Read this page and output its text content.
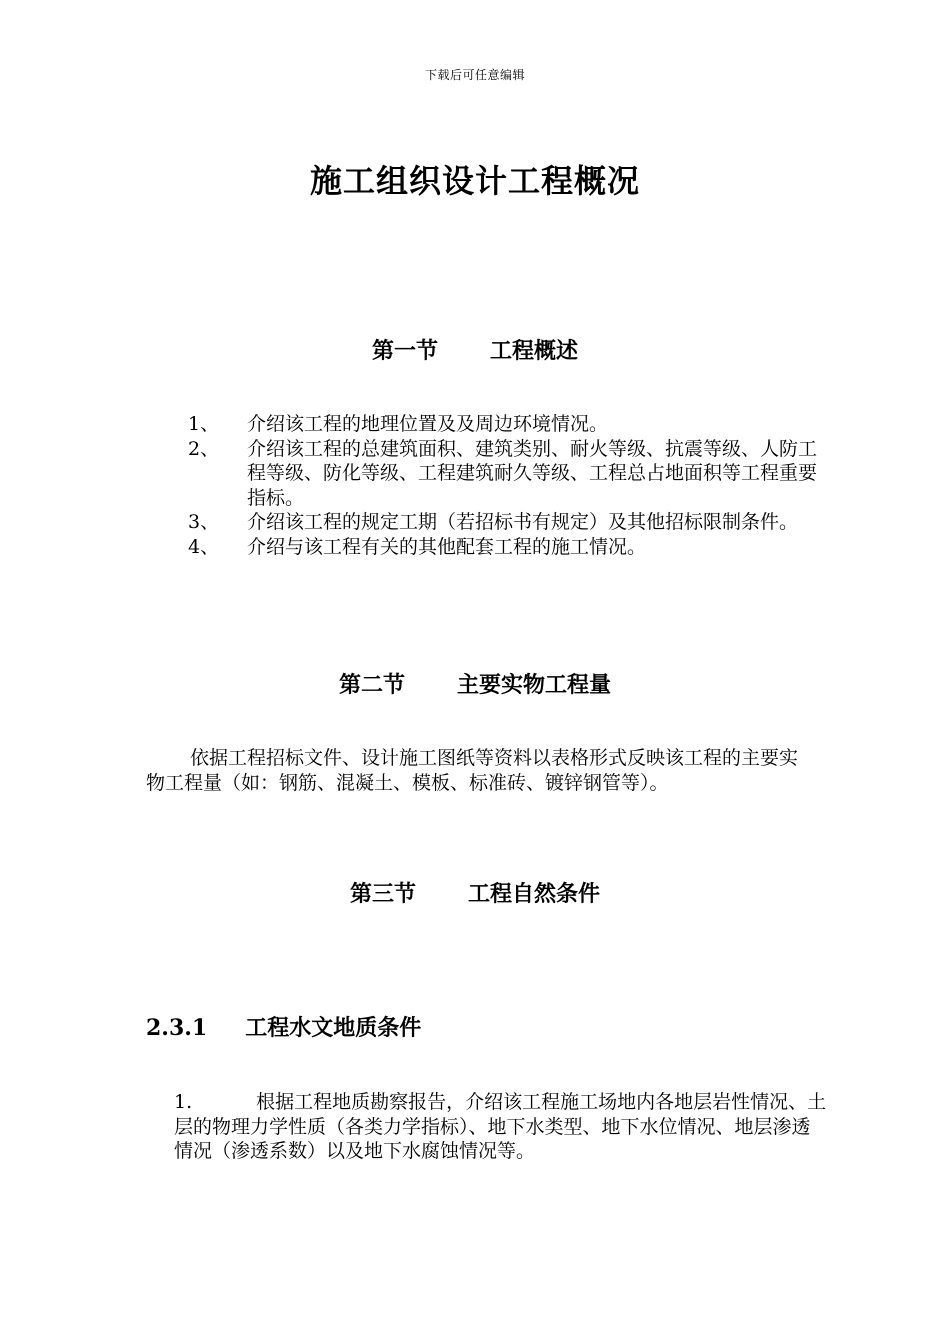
下载后可任意编辑
施工组织设计工程概况
第一节 工程概述
1、	介绍该工程的地理位置及及周边环境情况。
2、	介绍该工程的总建筑面积、建筑类别、耐火等级、抗震等级、人防工程等级、防化等级、工程建筑耐久等级、工程总占地面积等工程重要指标。
3、	介绍该工程的规定工期（若招标书有规定）及其他招标限制条件。
4、	介绍与该工程有关的其他配套工程的施工情况。
第二节 主要实物工程量
依据工程招标文件、设计施工图纸等资料以表格形式反映该工程的主要实物工程量（如：钢筋、混凝土、模板、标准砖、镀锌钢管等）。
第三节 工程自然条件
2.3.1 工程水文地质条件
1.	根据工程地质勘察报告，介绍该工程施工场地内各地层岩性情况、土层的物理力学性质（各类力学指标）、地下水类型、地下水位情况、地层渗透情况（渗透系数）以及地下水腐蚀情况等。
